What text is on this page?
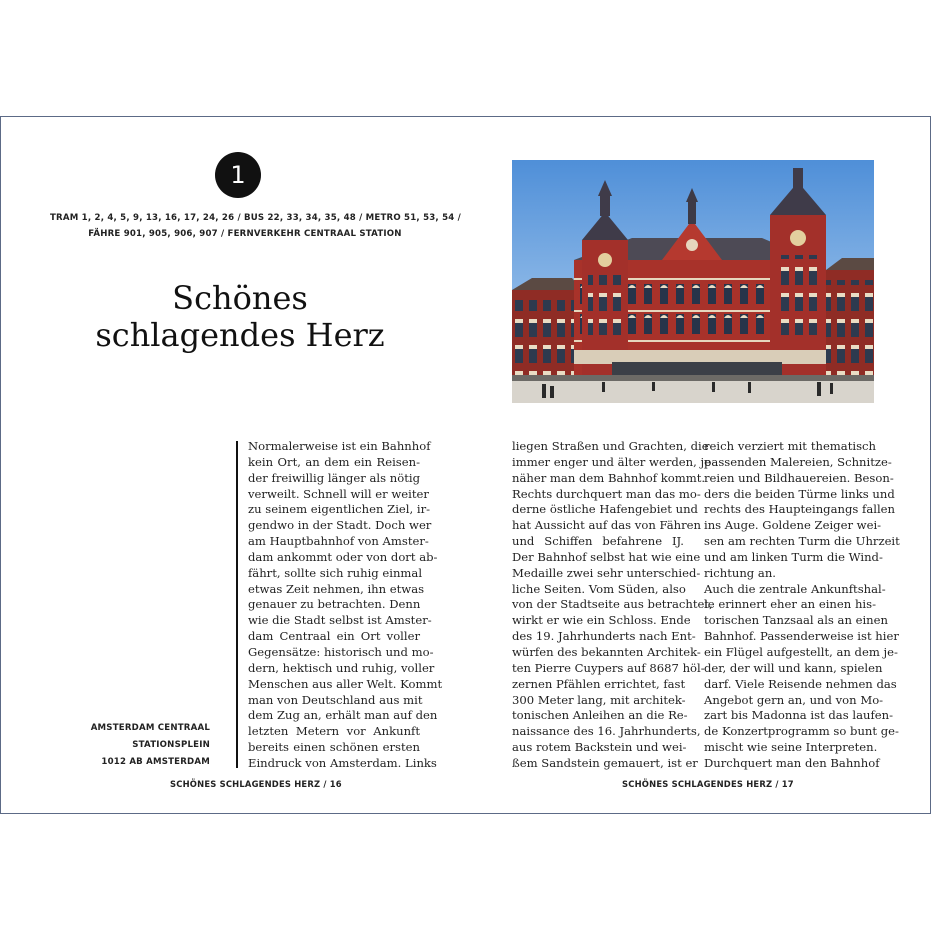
1
TRAM 1, 2, 4, 5, 9, 13, 16, 17, 24, 26 / BUS 22, 33, 34, 35, 48 / METRO 51, 53, 54 /
FÄHRE 901, 905, 906, 907 / FERNVERKEHR CENTRAAL STATION
Schönes
schlagendes Herz
AMSTERDAM CENTRAAL
STATIONSPLEIN
1012 AB AMSTERDAM
Normalerweise ist ein Bahnhof
kein Ort, an dem ein Reisen-
der freiwillig länger als nötig
verweilt. Schnell will er weiter
zu seinem eigentlichen Ziel, ir-
gendwo in der Stadt. Doch wer
am Hauptbahnhof von Amster-
dam ankommt oder von dort ab-
fährt, sollte sich ruhig einmal
etwas Zeit nehmen, ihn etwas
genauer zu betrachten. Denn
wie die Stadt selbst ist Amster-
dam Centraal ein Ort voller
Gegensätze: historisch und mo-
dern, hektisch und ruhig, voller
Menschen aus aller Welt. Kommt
man von Deutschland aus mit
dem Zug an, erhält man auf den
letzten Metern vor Ankunft
bereits einen schönen ersten
Eindruck von Amsterdam. Links
liegen Straßen und Grachten, die
immer enger und älter werden, je
näher man dem Bahnhof kommt.
Rechts durchquert man das mo-
derne östliche Hafengebiet und
hat Aussicht auf das von Fähren
und Schiffen befahrene IJ.
Der Bahnhof selbst hat wie eine
Medaille zwei sehr unterschied-
liche Seiten. Vom Süden, also
von der Stadtseite aus betrachtet,
wirkt er wie ein Schloss. Ende
des 19. Jahrhunderts nach Ent-
würfen des bekannten Architek-
ten Pierre Cuypers auf 8687 höl-
zernen Pfählen errichtet, fast
300 Meter lang, mit architek-
tonischen Anleihen an die Re-
naissance des 16. Jahrhunderts,
aus rotem Backstein und wei-
ßem Sandstein gemauert, ist er
reich verziert mit thematisch
passenden Malereien, Schnitze-
reien und Bildhauereien. Beson-
ders die beiden Türme links und
rechts des Haupteingangs fallen
ins Auge. Goldene Zeiger wei-
sen am rechten Turm die Uhrzeit
und am linken Turm die Wind-
richtung an.
Auch die zentrale Ankunftshal-
le erinnert eher an einen his-
torischen Tanzsaal als an einen
Bahnhof. Passenderweise ist hier
ein Flügel aufgestellt, an dem je-
der, der will und kann, spielen
darf. Viele Reisende nehmen das
Angebot gern an, und von Mo-
zart bis Madonna ist das laufen-
de Konzertprogramm so bunt ge-
mischt wie seine Interpreten.
Durchquert man den Bahnhof
SCHÖNES SCHLAGENDES HERZ / 16	SCHÖNES SCHLAGENDES HERZ / 17
